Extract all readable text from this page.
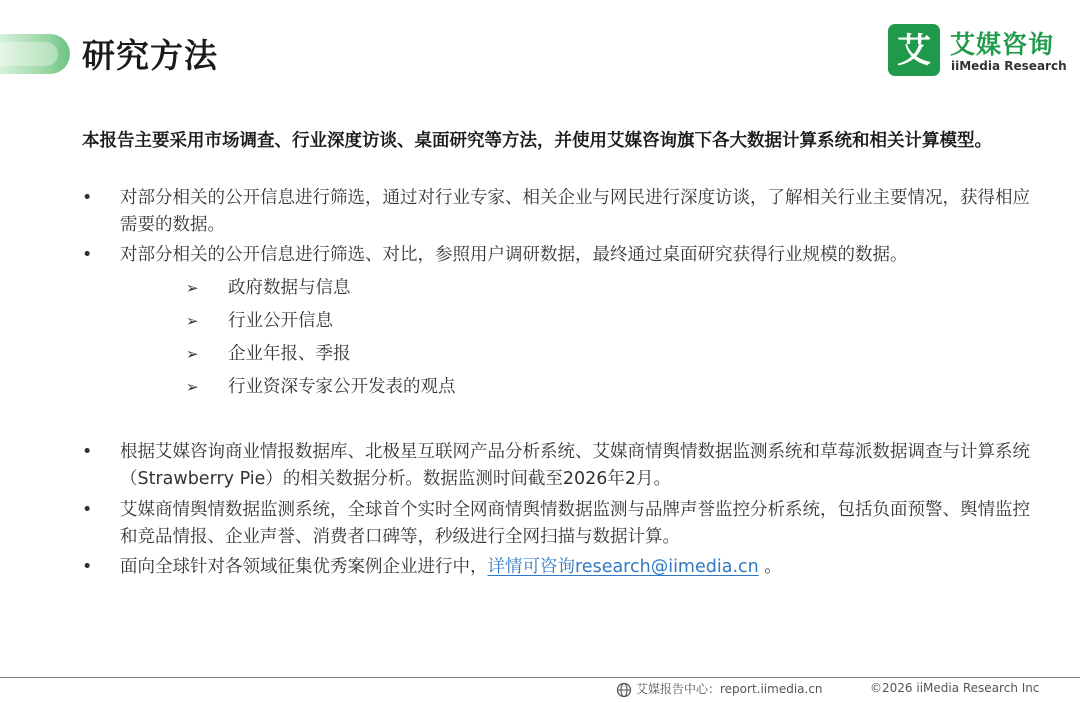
研究方法	艾 艾媒咨询
iiMedia Research
本报告主要采用市场调查、行业深度访谈、桌面研究等方法，并使用艾媒咨询旗下各大数据计算系统和相关计算模型。
•	对部分相关的公开信息进行筛选，通过对行业专家、相关企业与网民进行深度访谈，了解相关行业主要情况，获得相应需要的数据。
•	对部分相关的公开信息进行筛选、对比，参照用户调研数据，最终通过桌面研究获得行业规模的数据。
➢ 政府数据与信息
➢ 行业公开信息
➢ 企业年报、季报
➢ 行业资深专家公开发表的观点
•	根据艾媒咨询商业情报数据库、北极星互联网产品分析系统、艾媒商情舆情数据监测系统和草莓派数据调查与计算系统（Strawberry Pie）的相关数据分析。数据监测时间截至2026年2月。
•	艾媒商情舆情数据监测系统，全球首个实时全网商情舆情数据监测与品牌声誉监控分析系统，包括负面预警、舆情监控和竞品情报、企业声誉、消费者口碑等，秒级进行全网扫描与数据计算。
•	面向全球针对各领域征集优秀案例企业进行中，详情可咨询research@iimedia.cn 。
艾媒报告中心：report.iimedia.cn	©2026 iiMedia Research Inc
